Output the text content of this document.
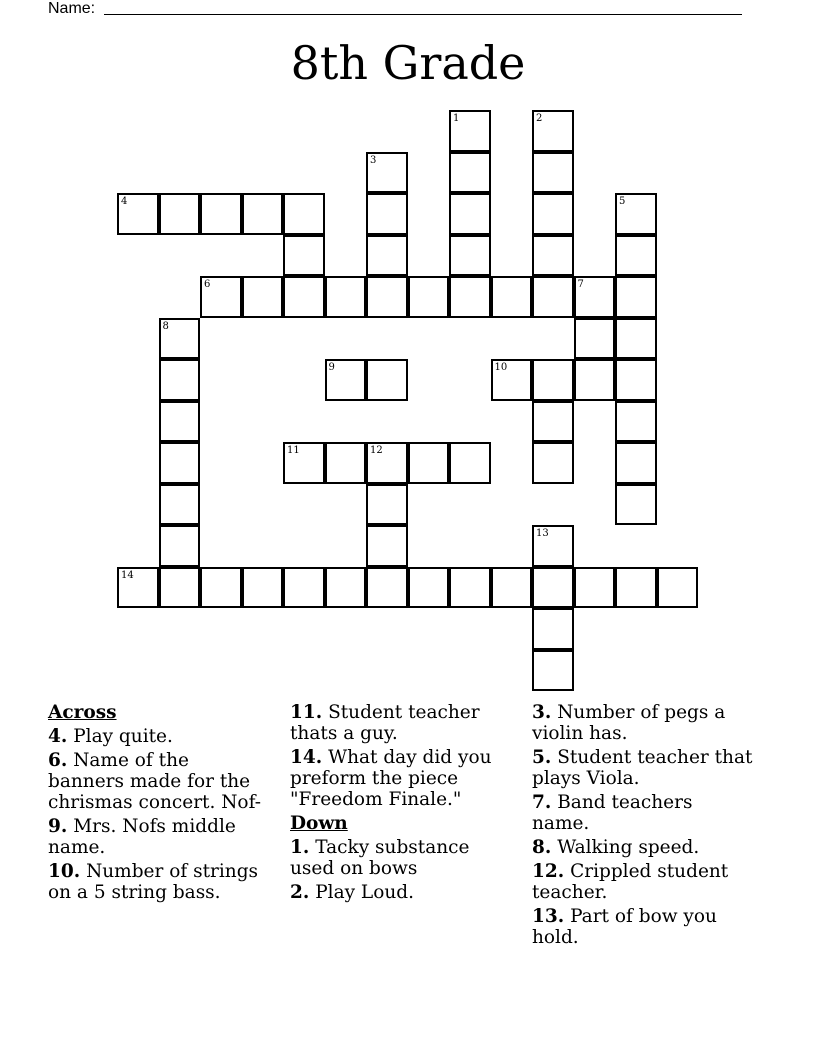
Name:
8th Grade
1	2
3
4	5
6	7
8
9	10
11	12
13
14
Across
4. Play quite.
6. Name of the banners made for the chrismas concert. Nof-
9. Mrs. Nofs middle name.
10. Number of strings on a 5 string bass.
11. Student teacher thats a guy.
14. What day did you preform the piece "Freedom Finale."
Down
1. Tacky substance used on bows
2. Play Loud.
3. Number of pegs a violin has.
5. Student teacher that plays Viola.
7. Band teachers name.
8. Walking speed.
12. Crippled student teacher.
13. Part of bow you hold.
